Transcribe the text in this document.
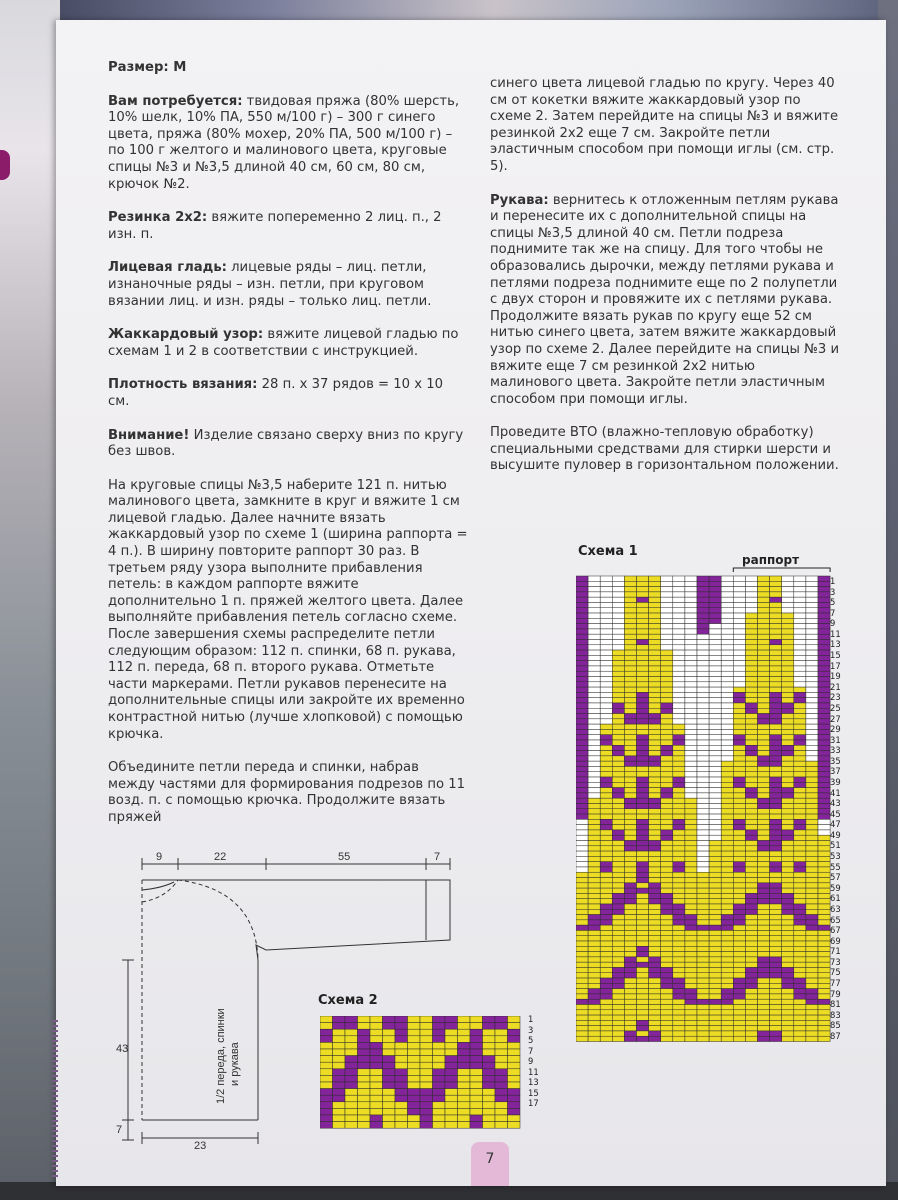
Размер: М

Вам потребуется: твидовая пряжа (80% шерсть, 10% шелк, 10% ПА, 550 м/100 г) – 300 г синего цвета, пряжа (80% мохер, 20% ПА, 500 м/100 г) – по 100 г желтого и малинового цвета, круговые спицы №3 и №3,5 длиной 40 см, 60 см, 80 см, крючок №2.

Резинка 2х2: вяжите попеременно 2 лиц. п., 2 изн. п.

Лицевая гладь: лицевые ряды – лиц. петли, изнаночные ряды – изн. петли, при круговом вязании лиц. и изн. ряды – только лиц. петли.

Жаккардовый узор: вяжите лицевой гладью по схемам 1 и 2 в соответствии с инструкцией.

Плотность вязания: 28 п. х 37 рядов = 10 х 10 см.

Внимание! Изделие связано сверху вниз по кругу без швов.

На круговые спицы №3,5 наберите 121 п. нитью малинового цвета, замкните в круг и вяжите 1 см лицевой гладью. Далее начните вязать жаккардовый узор по схеме 1 (ширина раппорта = 4 п.). В ширину повторите раппорт 30 раз. В третьем ряду узора выполните прибавления петель: в каждом раппорте вяжите дополнительно 1 п. пряжей желтого цвета. Далее выполняйте прибавления петель согласно схеме. После завершения схемы распределите петли следующим образом: 112 п. спинки, 68 п. рукава, 112 п. переда, 68 п. второго рукава. Отметьте части маркерами. Петли рукавов перенесите на дополнительные спицы или закройте их временно контрастной нитью (лучше хлопковой) с помощью крючка.

Объедините петли переда и спинки, набрав между частями для формирования подрезов по 11 возд. п. с помощью крючка. Продолжите вязать пряжей

синего цвета лицевой гладью по кругу. Через 40 см от кокетки вяжите жаккардовый узор по схеме 2. Затем перейдите на спицы №3 и вяжите резинкой 2х2 еще 7 см. Закройте петли эластичным способом при помощи иглы (см. стр. 5).

Рукава: вернитесь к отложенным петлям рукава и перенесите их с дополнительной спицы на спицы №3,5 длиной 40 см. Петли подреза поднимите так же на спицу. Для того чтобы не образовались дырочки, между петлями рукава и петлями подреза поднимите еще по 2 полупетли с двух сторон и провяжите их с петлями рукава. Продолжите вязать рукав по кругу еще 52 см нитью синего цвета, затем вяжите жаккардовый узор по схеме 2. Далее перейдите на спицы №3 и вяжите еще 7 см резинкой 2х2 нитью малинового цвета. Закройте петли эластичным способом при помощи иглы.

Проведите ВТО (влажно-тепловую обработку) специальными средствами для стирки шерсти и высушите пуловер в горизонтальном положении.

Схема 1
раппорт
1
3
5
7
9
11
13
15
17
19
21
23
25
27
29
31
33
35
37
39
41
43
45
47
49
51
53
55
57
59
61
63
65
67
69
71
73
75
77
79
81
83
85
87
Схема 2
1
3
5
7
9
11
13
15
17
9	22	55	7
43
7
23
1/2 переда, спинки и рукава
7
